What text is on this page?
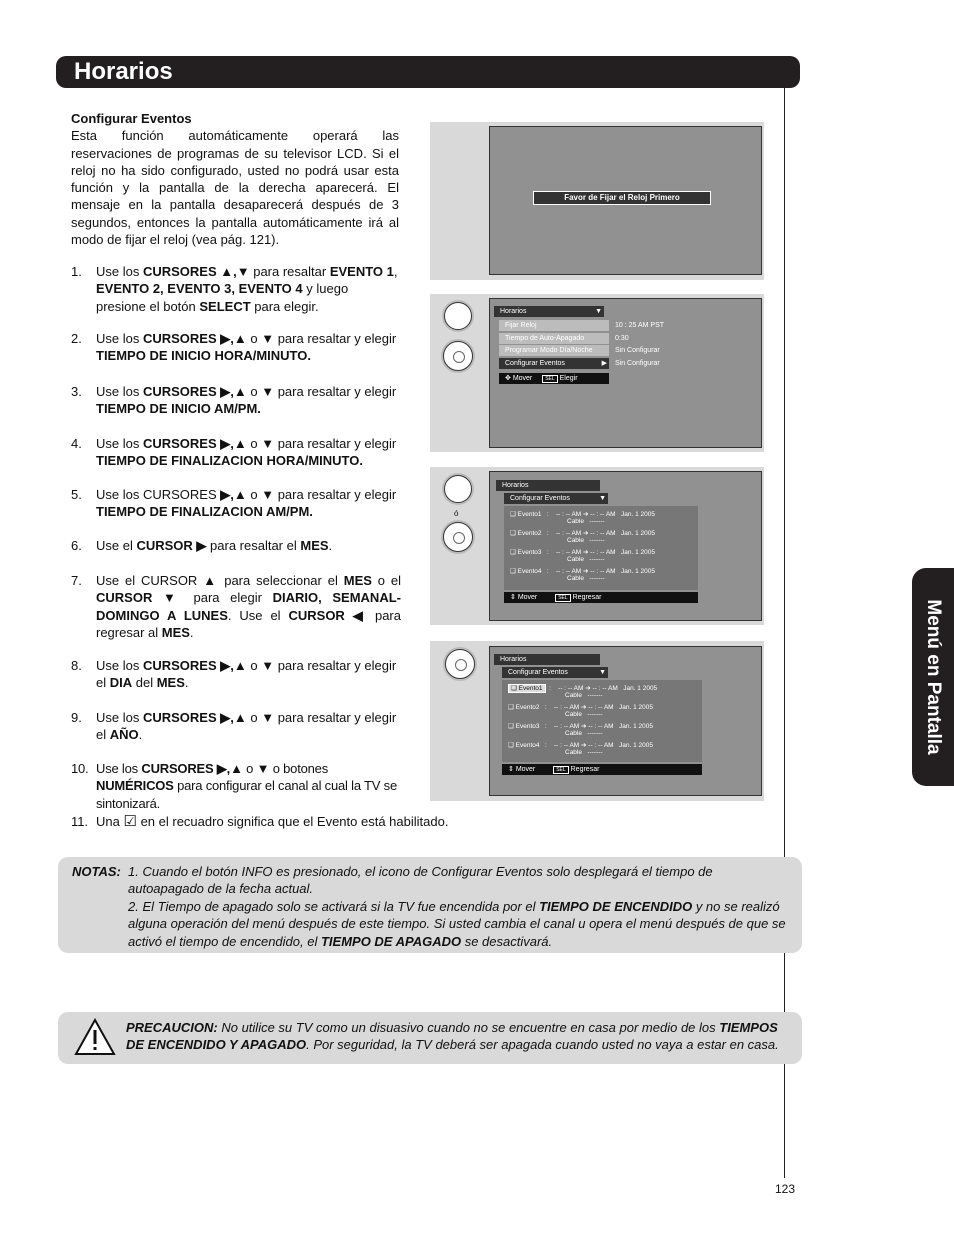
Horarios
Menú en Pantalla
123
Configurar Eventos
Esta función automáticamente operará las reservaciones de programas de su televisor LCD. Si el reloj no ha sido configurado, usted no podrá usar esta función y la pantalla de la derecha aparecerá. El mensaje en la pantalla desaparecerá después de 3 segundos, entonces la pantalla automáticamente irá al modo de fijar el reloj (vea pág. 121).
1. Use los CURSORES ▲,▼ para resaltar EVENTO 1, EVENTO 2, EVENTO 3, EVENTO 4 y luego presione el botón SELECT para elegir.
2. Use los CURSORES ▶,▲ o ▼ para resaltar y elegir TIEMPO DE INICIO HORA/MINUTO.
3. Use los CURSORES ▶,▲ o ▼ para resaltar y elegir TIEMPO DE INICIO AM/PM.
4. Use los CURSORES ▶,▲ o ▼ para resaltar y elegir TIEMPO DE FINALIZACION HORA/MINUTO.
5. Use los CURSORES ▶,▲ o ▼ para resaltar y elegir TIEMPO DE FINALIZACION AM/PM.
6. Use el CURSOR ▶ para resaltar el MES.
7. Use el CURSOR ▲ para seleccionar el MES o el CURSOR ▼ para elegir DIARIO, SEMANAL-DOMINGO A LUNES. Use el CURSOR ◀ para regresar al MES.
8. Use los CURSORES ▶,▲ o ▼ para resaltar y elegir el DIA del MES.
9. Use los CURSORES ▶,▲ o ▼ para resaltar y elegir el AÑO.
10. Use los CURSORES ▶,▲ o ▼ o botones NUMÉRICOS para configurar el canal al cual la TV se sintonizará.
11. Una ☑ en el recuadro significa que el Evento está habilitado.
Favor de Fijar el Reloj Primero
SELECT
Horarios	▼
Fijar Reloj
Tiempo de Auto-Apagado
Programar Modo Día/Noche
Configurar Eventos	▶
10 : 25 AM PST
0:30
Sin Configurar
Sin Configurar
✥ Mover	SEL Elegir
SELECT
ó
Horarios
Configurar Eventos	▼
❑ Evento1   :    -- : -- AM ➔ -- : -- AM Jan. 1 2005
Cable -------
❑ Evento2   :    -- : -- AM ➔ -- : -- AM Jan. 1 2005
Cable -------
❑ Evento3   :    -- : -- AM ➔ -- : -- AM Jan. 1 2005
Cable -------
❑ Evento4   :    -- : -- AM ➔ -- : -- AM Jan. 1 2005
Cable -------
⇕ Mover	SEL Regresar
Horarios
Configurar Eventos	▼
❑ Evento1  :    -- : -- AM ➔ -- : -- AM Jan. 1 2005
Cable -------
❑ Evento2   :    -- : -- AM ➔ -- : -- AM Jan. 1 2005
Cable -------
❑ Evento3   :    -- : -- AM ➔ -- : -- AM Jan. 1 2005
Cable -------
❑ Evento4   :    -- : -- AM ➔ -- : -- AM Jan. 1 2005
Cable -------
⇕ Mover	SEL Regresar
NOTAS: 1. Cuando el botón INFO es presionado, el icono de Configurar Eventos solo desplegará el tiempo de autoapagado de la fecha actual.
2. El Tiempo de apagado solo se activará si la TV fue encendida por el TIEMPO DE ENCENDIDO y no se realizó alguna operación del menú después de este tiempo. Si usted cambia el canal u opera el menú después de que se activó el tiempo de encendido, el TIEMPO DE APAGADO se desactivará.
PRECAUCION: No utilice su TV como un disuasivo cuando no se encuentre en casa por medio de los TIEMPOS DE ENCENDIDO Y APAGADO. Por seguridad, la TV deberá ser apagada cuando usted no vaya a estar en casa.
